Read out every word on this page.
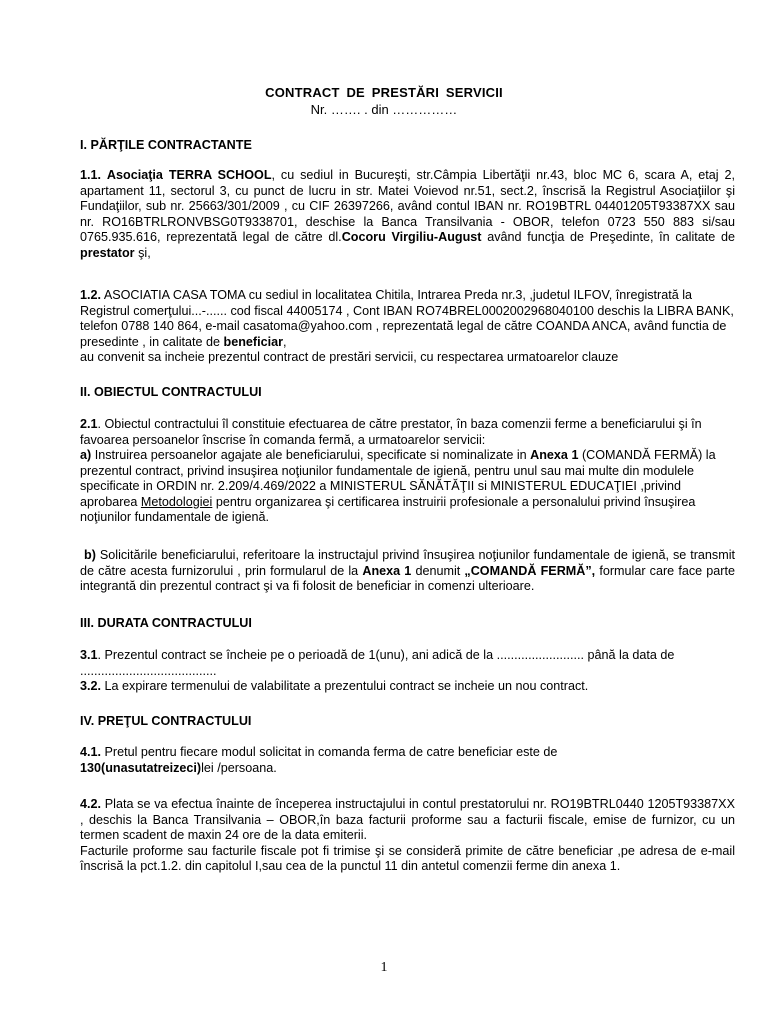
CONTRACT DE PRESTĂRI SERVICII
Nr. ……. . din ……………

I. PĂRŢILE CONTRACTANTE

1.1. Asociaţia TERRA SCHOOL, cu sediul in Bucureşti, str.Câmpia Libertăţii nr.43, bloc MC 6, scara A, etaj 2, apartament 11, sectorul 3, cu punct de lucru in str. Matei Voievod nr.51, sect.2, înscrisă la Registrul Asociaţiilor şi Fundaţiilor, sub nr. 25663/301/2009 , cu CIF 26397266, având contul IBAN nr. RO19BTRL 04401205T93387XX sau nr. RO16BTRLRONVBSG0T9338701, deschise la Banca Transilvania - OBOR, telefon 0723 550 883 si/sau 0765.935.616, reprezentată legal de către dl.Cocoru Virgiliu-August având funcţia de Preşedinte, în calitate de prestator şi,

1.2. ASOCIATIA CASA TOMA cu sediul in localitatea Chitila, Intrarea Preda nr.3, ,judetul ILFOV, înregistrată la Registrul comerţului...-...... cod fiscal 44005174 , Cont IBAN RO74BREL0002002968040100 deschis la LIBRA BANK, telefon 0788 140 864, e-mail casatoma@yahoo.com , reprezentată legal de către COANDA ANCA, având functia de presedinte , in calitate de beneficiar,
au convenit sa incheie prezentul contract de prestări servicii, cu respectarea urmatoarelor clauze

II. OBIECTUL CONTRACTULUI

2.1. Obiectul contractului îl constituie efectuarea de către prestator, în baza comenzii ferme a beneficiarului şi în favoarea persoanelor înscrise în comanda fermă, a urmatoarelor servicii:
a) Instruirea persoanelor agajate ale beneficiarului, specificate si nominalizate in Anexa 1 (COMANDĂ FERMĂ) la prezentul contract, privind insuşirea noţiunilor fundamentale de igienă, pentru unul sau mai multe din modulele specificate in ORDIN nr. 2.209/4.469/2022 a MINISTERUL SĂNĂTĂŢII si MINISTERUL EDUCAŢIEI ,privind aprobarea Metodologiei pentru organizarea şi certificarea instruirii profesionale a personalului privind însuşirea noţiunilor fundamentale de igienă.

b) Solicitările beneficiarului, referitoare la instructajul privind însuşirea noţiunilor fundamentale de igienă, se transmit de către acesta furnizorului , prin formularul de la Anexa 1 denumit „COMANDĂ FERMĂ”, formular care face parte integrantă din prezentul contract şi va fi folosit de beneficiar in comenzi ulterioare.

III. DURATA CONTRACTULUI

3.1. Prezentul contract se încheie pe o perioadă de 1(unu), ani adică de la ......................... până la data de .......................................
3.2. La expirare termenului de valabilitate a prezentului contract se incheie un nou contract.

IV. PREŢUL CONTRACTULUI

4.1. Pretul pentru fiecare modul solicitat in comanda ferma de catre beneficiar este de
130(unasutatreizeci)lei /persoana.

4.2. Plata se va efectua înainte de începerea instructajului in contul prestatorului nr. RO19BTRL0440 1205T93387XX , deschis la Banca Transilvania – OBOR,în baza facturii proforme sau a facturii fiscale, emise de furnizor, cu un termen scadent de maxin 24 ore de la data emiterii.
Facturile proforme sau facturile fiscale pot fi trimise şi se consideră primite de către beneficiar ,pe adresa de e-mail înscrisă la pct.1.2. din capitolul I,sau cea de la punctul 11 din antetul comenzii ferme din anexa 1.

1
